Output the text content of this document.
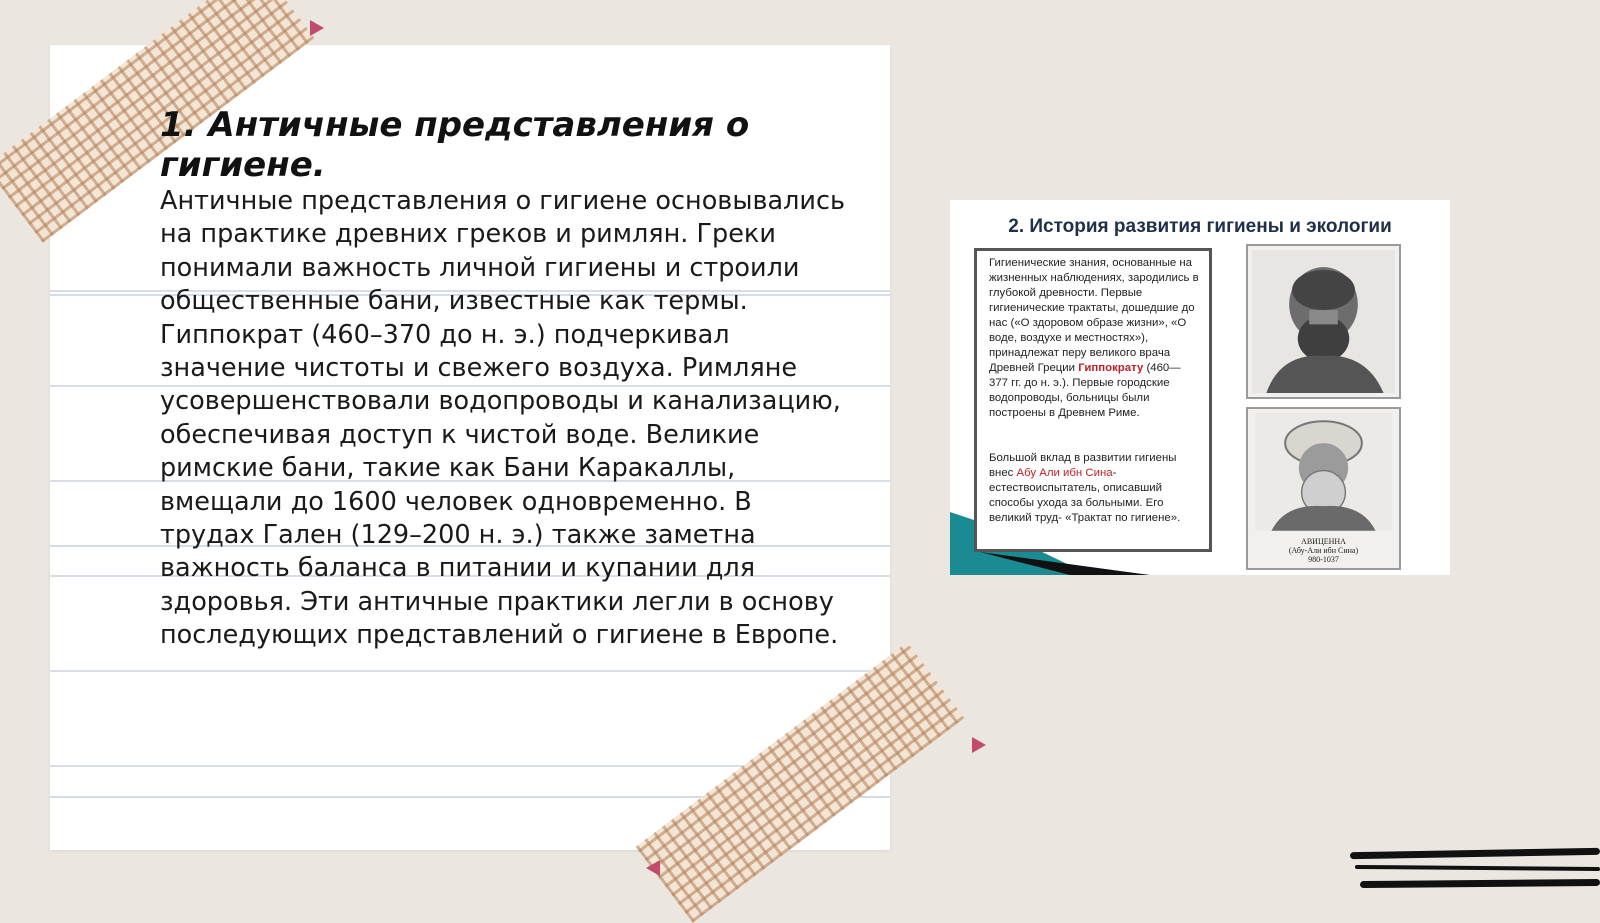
1. Античные представления о гигиене.

Античные представления о гигиене основывались на практике древних греков и римлян. Греки понимали важность личной гигиены и строили общественные бани, известные как термы. Гиппократ (460–370 до н. э.) подчеркивал значение чистоты и свежего воздуха. Римляне усовершенствовали водопроводы и канализацию, обеспечивая доступ к чистой воде. Великие римские бани, такие как Бани Каракаллы, вмещали до 1600 человек одновременно. В трудах Гален (129–200 н. э.) также заметна важность баланса в питании и купании для здоровья. Эти античные практики легли в основу последующих представлений о гигиене в Европе.

2. История развития гигиены и экологии

Гигиенические знания, основанные на жизненных наблюдениях, зародились в глубокой древности. Первые гигиенические трактаты, дошедшие до нас («О здоровом образе жизни», «О воде, воздухе и местностях»), принадлежат перу великого врача Древней Греции Гиппократу (460—377 гг. до н. э.). Первые городские водопроводы, больницы были построены в Древнем Риме.

Большой вклад в развитии гигиены внес Абу Али ибн Сина- естествоиспытатель, описавший способы ухода за больными. Его великий труд- «Трактат по гигиене».

АВИЦЕННА
(Абу-Али ибн Сина)
980-1037
